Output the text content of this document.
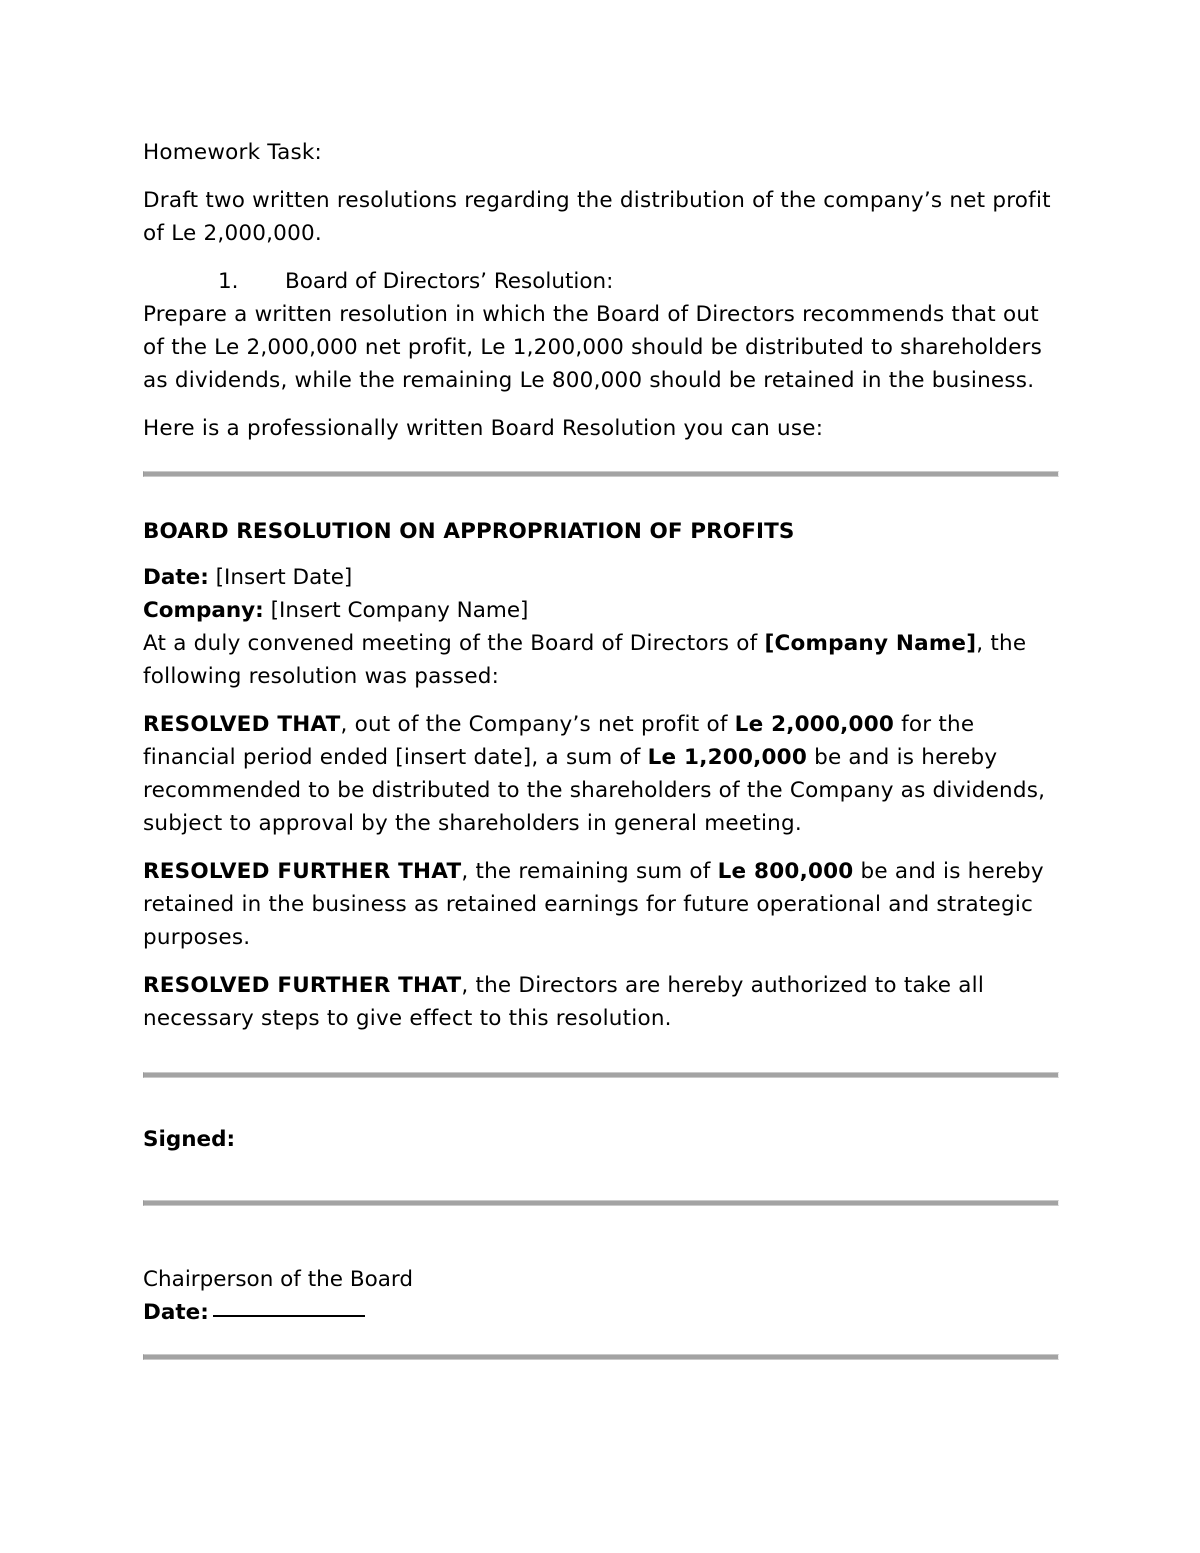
Homework Task:

Draft two written resolutions regarding the distribution of the company’s net profit of Le 2,000,000.

1. Board of Directors’ Resolution:

Prepare a written resolution in which the Board of Directors recommends that out of the Le 2,000,000 net profit, Le 1,200,000 should be distributed to shareholders as dividends, while the remaining Le 800,000 should be retained in the business.

Here is a professionally written Board Resolution you can use:

BOARD RESOLUTION ON APPROPRIATION OF PROFITS

Date: [Insert Date]

Company: [Insert Company Name]

At a duly convened meeting of the Board of Directors of [Company Name], the following resolution was passed:

RESOLVED THAT, out of the Company’s net profit of Le 2,000,000 for the financial period ended [insert date], a sum of Le 1,200,000 be and is hereby recommended to be distributed to the shareholders of the Company as dividends, subject to approval by the shareholders in general meeting.

RESOLVED FURTHER THAT, the remaining sum of Le 800,000 be and is hereby retained in the business as retained earnings for future operational and strategic purposes.

RESOLVED FURTHER THAT, the Directors are hereby authorized to take all necessary steps to give effect to this resolution.

Signed:

Chairperson of the Board

Date:
